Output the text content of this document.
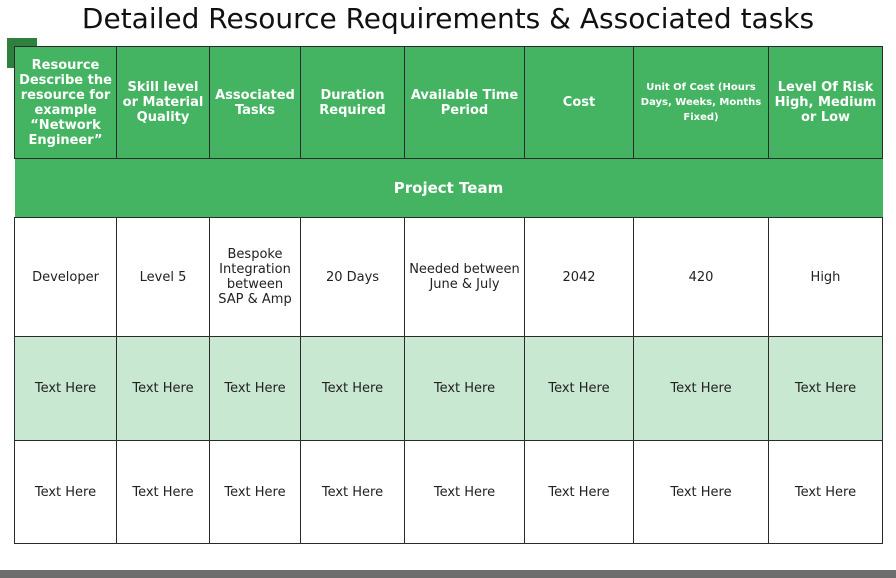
Detailed Resource Requirements & Associated tasks
Resource Describe the resource for example “Network Engineer”	Skill level or Material Quality	Associated Tasks	Duration Required	Available Time Period	Cost	Unit Of Cost (Hours Days, Weeks, Months Fixed)	Level Of Risk High, Medium or Low
Project Team							
Developer	Level 5	Bespoke Integration between SAP & Amp	20 Days	Needed between June & July	2042	420	High
Text Here	Text Here	Text Here	Text Here	Text Here	Text Here	Text Here	Text Here
Text Here	Text Here	Text Here	Text Here	Text Here	Text Here	Text Here	Text Here
